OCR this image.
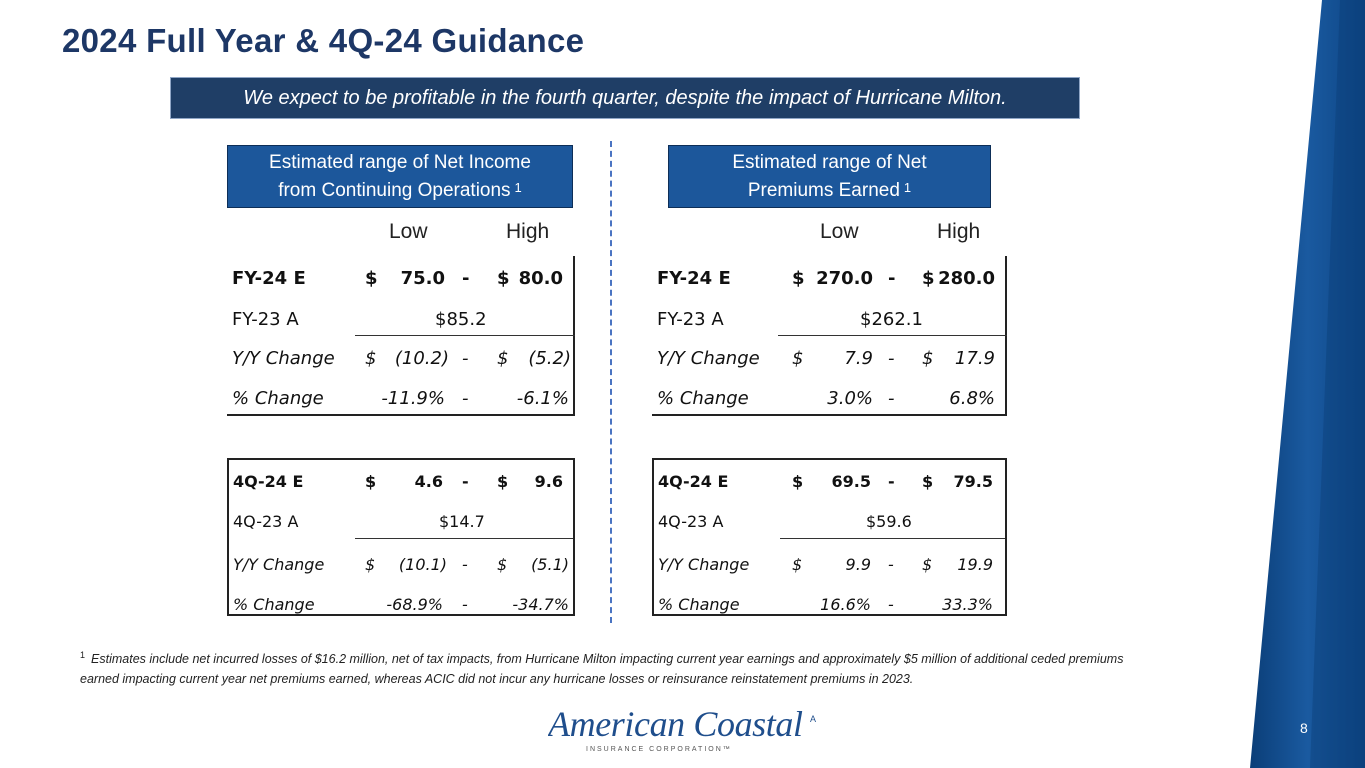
2024 Full Year & 4Q-24 Guidance
We expect to be profitable in the fourth quarter, despite the impact of Hurricane Milton.
Estimated range of Net Income
from Continuing Operations $^1$
Estimated range of Net
Premiums Earned $^1$
Low	High	Low	High
FY-24 E	$ 75.0 - $ 80.0
FY-23 A	$85.2
Y/Y Change $ (10.2) - $ (5.2)
% Change	-11.9% -	-6.1%
FY-24 E	$ 270.0 - $ 280.0
FY-23 A	$262.1
Y/Y Change $ 7.9 - $ 17.9
% Change	3.0% -	6.8%
4Q-24 E	$ 4.6 - $ 9.6
4Q-23 A	$14.7
Y/Y Change	$ (10.1) - $ (5.1)
% Change	-68.9% -	-34.7%
4Q-24 E	$ 69.5 - $ 79.5
4Q-23 A	$59.6
Y/Y Change	$	9.9 - $ 19.9
% Change	16.6% -	33.3%
$^1$ Estimates include net incurred losses of $16.2 million, net of tax impacts, from Hurricane Milton impacting current year earnings and approximately $5 million of additional ceded premiums earned impacting current year net premiums earned, whereas ACIC did not incur any hurricane losses or reinsurance reinstatement premiums in 2023.
American Coastal A
INSURANCE CORPORATION™
8
